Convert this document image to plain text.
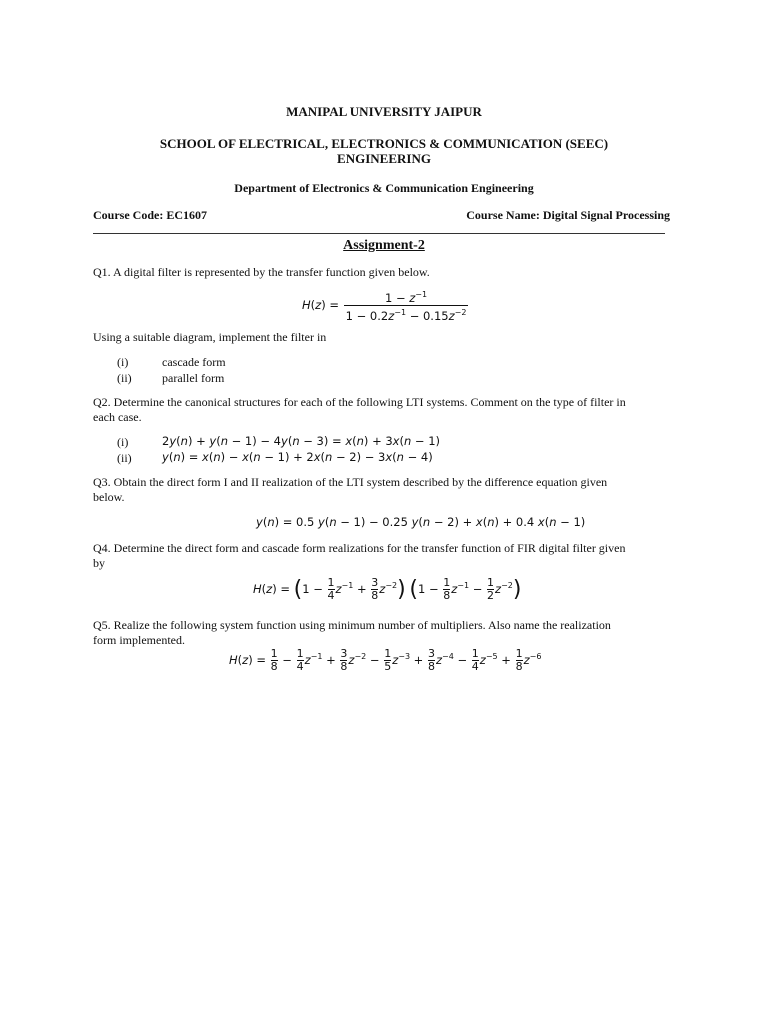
MANIPAL UNIVERSITY JAIPUR
SCHOOL OF ELECTRICAL, ELECTRONICS & COMMUNICATION (SEEC)
ENGINEERING
Department of Electronics & Communication Engineering
Course Code: EC1607	Course Name: Digital Signal Processing
Assignment-2
Q1. A digital filter is represented by the transfer function given below.
$H(z) = \frac{1 - z^{-1}}{1 - 0.2z^{-1} - 0.15z^{-2}}$
Using a suitable diagram, implement the filter in
(i)	cascade form
(ii)	parallel form
Q2. Determine the canonical structures for each of the following LTI systems. Comment on the type of filter in
each case.
(i)	2y(n) + y(n − 1) − 4y(n − 3) = x(n) + 3x(n − 1)
(ii)	y(n) = x(n) − x(n − 1) + 2x(n − 2) − 3x(n − 4)
Q3. Obtain the direct form I and II realization of the LTI system described by the difference equation given
below.
y(n) = 0.5 y(n − 1) − 0.25 y(n − 2) + x(n) + 0.4 x(n − 1)
Q4. Determine the direct form and cascade form realizations for the transfer function of FIR digital filter given
by
$H(z) = (1 - \frac{1}{4} z^{-1} + \frac{3}{8} z^{-2})$ $(1 - \frac{1}{8} z^{-1} - \frac{1}{2} z^{-2})$
Q5. Realize the following system function using minimum number of multipliers. Also name the realization
form implemented.
$H(z) = \frac{1}{8} - \frac{1}{4} z^{-1} + \frac{3}{8} z^{-2} - \frac{1}{5} z^{-3} + \frac{3}{8} z^{-4} - \frac{1}{4} z^{-5} + \frac{1}{8} z^{-6}$
